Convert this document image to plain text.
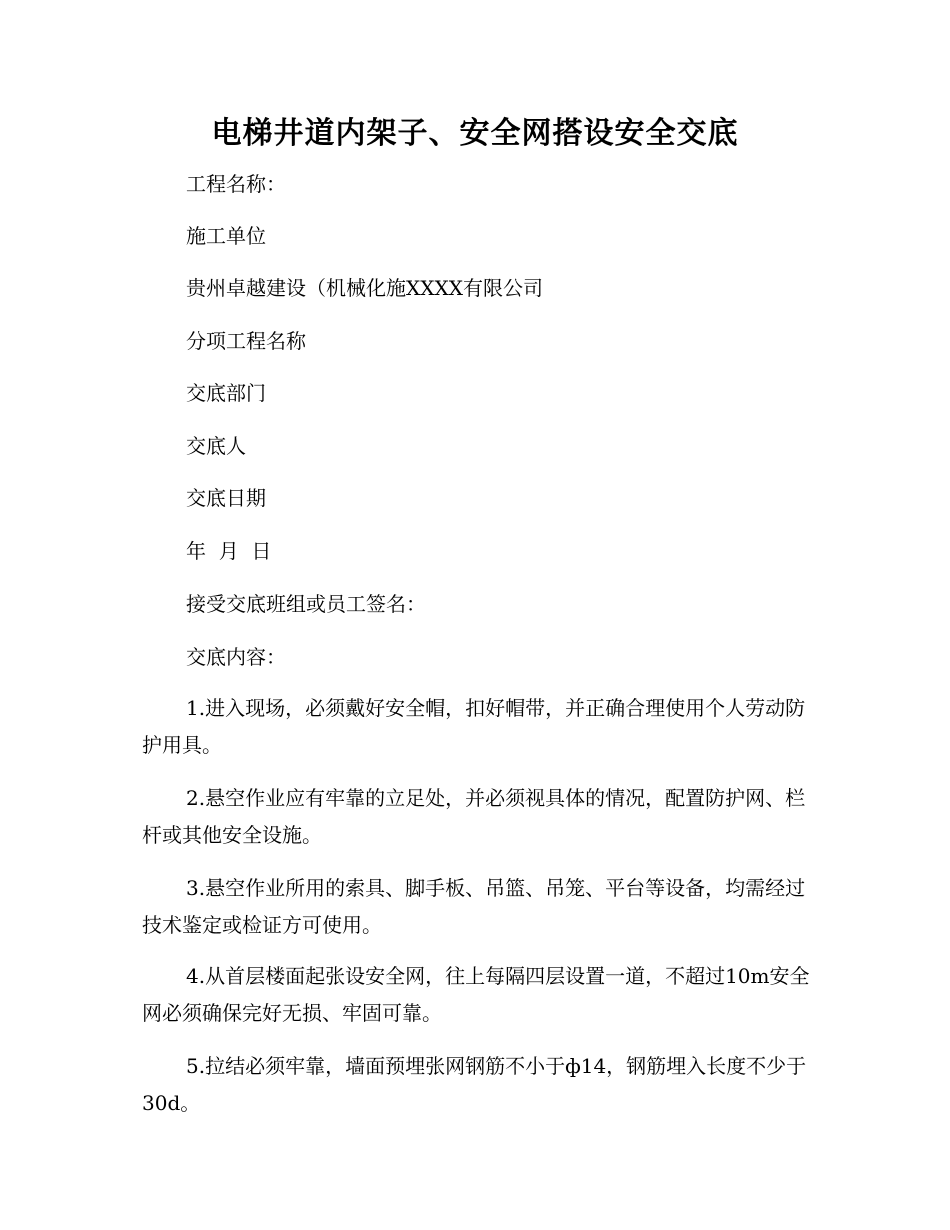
电梯井道内架子、安全网搭设安全交底
工程名称：
施工单位
贵州卓越建设（机械化施XXXX有限公司
分项工程名称
交底部门
交底人
交底日期
年  月  日
接受交底班组或员工签名：
交底内容：

1.进入现场，必须戴好安全帽，扣好帽带，并正确合理使用个人劳动防护用具。

2.悬空作业应有牢靠的立足处，并必须视具体的情况，配置防护网、栏杆或其他安全设施。

3.悬空作业所用的索具、脚手板、吊篮、吊笼、平台等设备，均需经过技术鉴定或检证方可使用。

4.从首层楼面起张设安全网，往上每隔四层设置一道，不超过10m安全网必须确保完好无损、牢固可靠。

5.拉结必须牢靠，墙面预埋张网钢筋不小于ф14，钢筋埋入长度不少于30d。
